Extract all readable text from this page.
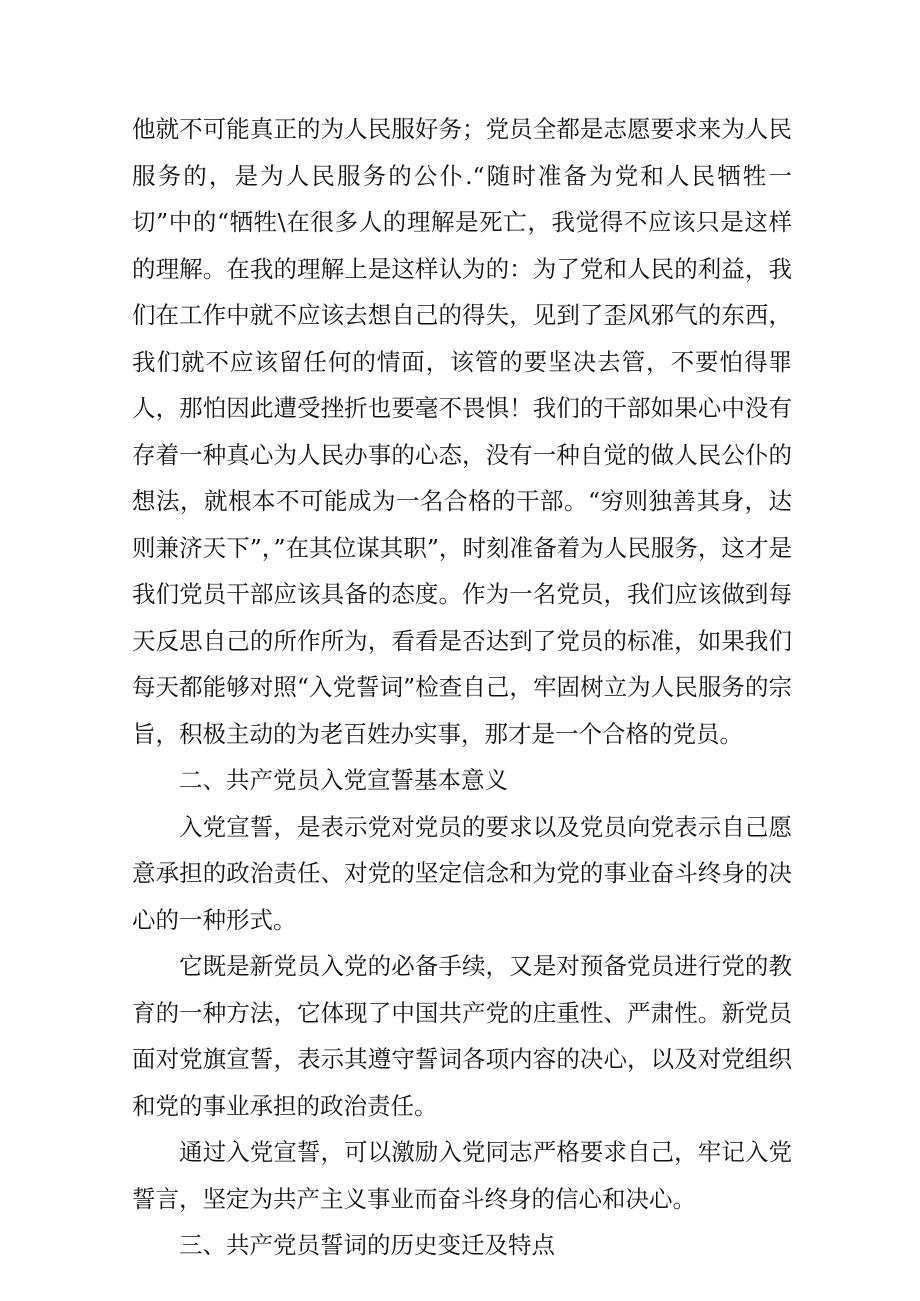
他就不可能真正的为人民服好务；党员全都是志愿要求来为人民服务的，是为人民服务的公仆.“随时准备为党和人民牺牲一切”中的“牺牲\在很多人的理解是死亡，我觉得不应该只是这样的理解。在我的理解上是这样认为的：为了党和人民的利益，我们在工作中就不应该去想自己的得失，见到了歪风邪气的东西，我们就不应该留任何的情面，该管的要坚决去管，不要怕得罪人，那怕因此遭受挫折也要毫不畏惧！我们的干部如果心中没有存着一种真心为人民办事的心态，没有一种自觉的做人民公仆的想法，就根本不可能成为一名合格的干部。“穷则独善其身，达则兼济天下”，”在其位谋其职”，时刻准备着为人民服务，这才是我们党员干部应该具备的态度。作为一名党员，我们应该做到每天反思自己的所作所为，看看是否达到了党员的标准，如果我们每天都能够对照“入党誓词”检查自己，牢固树立为人民服务的宗旨，积极主动的为老百姓办实事，那才是一个合格的党员。

二、共产党员入党宣誓基本意义

入党宣誓，是表示党对党员的要求以及党员向党表示自己愿意承担的政治责任、对党的坚定信念和为党的事业奋斗终身的决心的一种形式。

它既是新党员入党的必备手续，又是对预备党员进行党的教育的一种方法，它体现了中国共产党的庄重性、严肃性。新党员面对党旗宣誓，表示其遵守誓词各项内容的决心，以及对党组织和党的事业承担的政治责任。

通过入党宣誓，可以激励入党同志严格要求自己，牢记入党誓言，坚定为共产主义事业而奋斗终身的信心和决心。

三、共产党员誓词的历史变迁及特点
